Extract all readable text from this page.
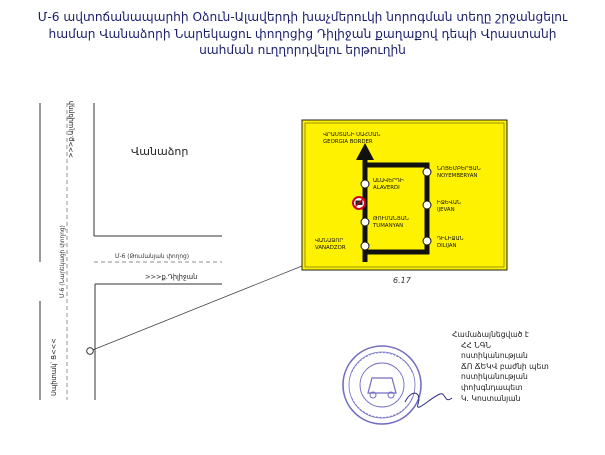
Մ-6 ավտոճանապարհի Օձուն-Ալավերդի խաչմերուկի նորոգման տեղը շրջանցելու
համար Վանաձորի Նարեկացու փողոցից Դիլիջան քաղաքով դեպի Վրաստանի
սահման ուղղորդվելու երթուղին
Վանաձոր
>>>ք.Ալավերդի
Մ-6 (Նարեկացի փողոց)	Մ-6 (Թումանյան փողոց)
>>>ք.Դիլիջան
Սպիտակ՝ Ց<<<
ՎՐԱՍՏԱՆԻ ՍԱՀՄԱՆ
GEORGIA BORDER
ԱԼԱՎԵՐԴԻ
ALAVERDI
ԹՈՒՄԱՆՅԱՆ
TUMANYAN
ՎԱՆԱՁՈՐ
VANADZOR
ՆՈՅԵՄԲԵՐՅԱՆ
NOYEMBERYAN
ԻՋԵՎԱՆ
IJEVAN
ԴԻԼԻՋԱՆ
DILIJAN
6.17
Համաձայնեցված է
ՀՀ ՆԳՆ
ոստիկանության
ՃՈ ՃԵԿՎ բաժնի պետ
ոստիկանության
փոխգնդապետ
Կ. Կոստանյան
